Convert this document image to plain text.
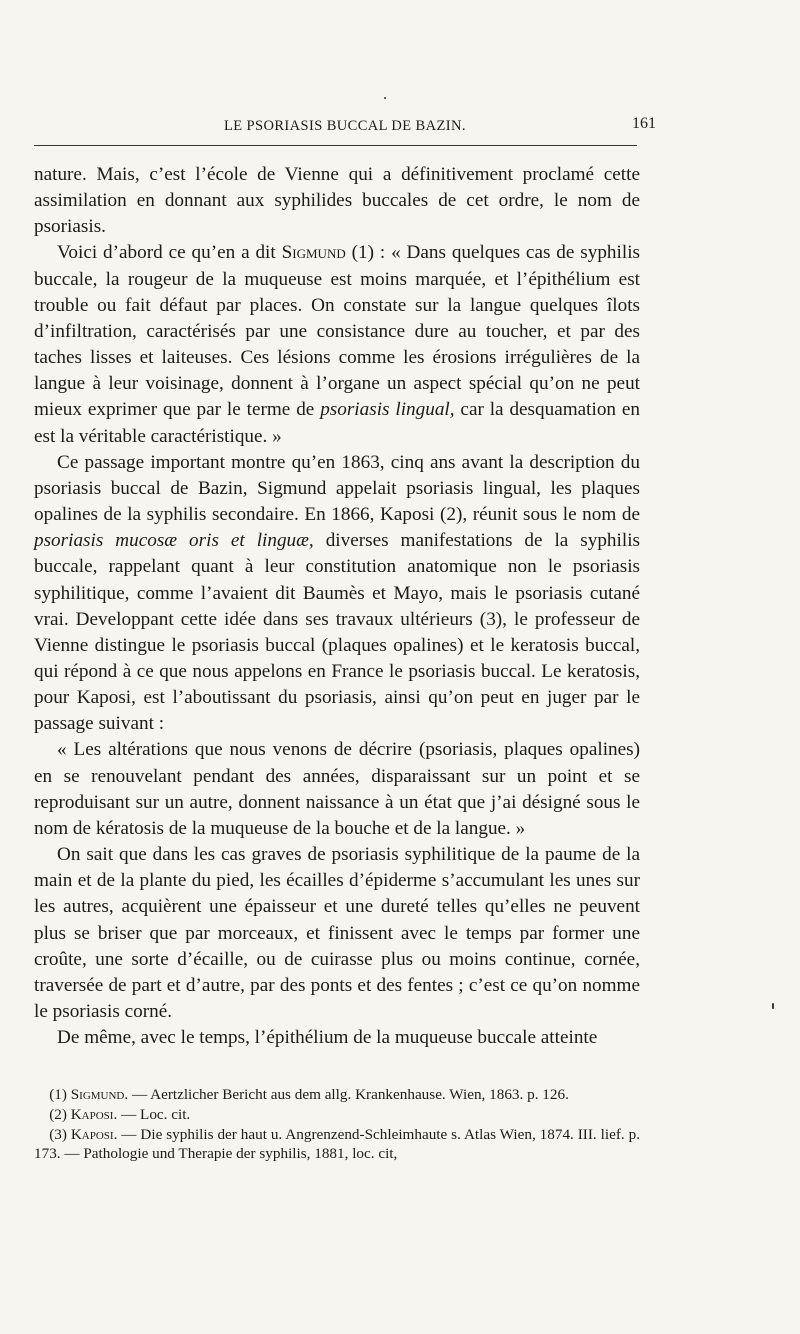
LE PSORIASIS BUCCAL DE BAZIN.	161

nature. Mais, c’est l’école de Vienne qui a définitivement proclamé cette assimilation en donnant aux syphilides buccales de cet ordre, le nom de psoriasis.

Voici d’abord ce qu’en a dit Sigmund (1) : « Dans quelques cas de syphilis buccale, la rougeur de la muqueuse est moins marquée, et l’épithélium est trouble ou fait défaut par places. On constate sur la langue quelques îlots d’infiltration, caractérisés par une consistance dure au toucher, et par des taches lisses et laiteuses. Ces lésions comme les érosions irrégulières de la langue à leur voisinage, donnent à l’organe un aspect spécial qu’on ne peut mieux exprimer que par le terme de psoriasis lingual, car la desquamation en est la véritable caractéristique. »

Ce passage important montre qu’en 1863, cinq ans avant la description du psoriasis buccal de Bazin, Sigmund appelait psoriasis lingual, les plaques opalines de la syphilis secondaire. En 1866, Kaposi (2), réunit sous le nom de psoriasis mucosæ oris et linguæ, diverses manifestations de la syphilis buccale, rappelant quant à leur constitution anatomique non le psoriasis syphilitique, comme l’avaient dit Baumès et Mayo, mais le psoriasis cutané vrai. Developpant cette idée dans ses travaux ultérieurs (3), le professeur de Vienne distingue le psoriasis buccal (plaques opalines) et le keratosis buccal, qui répond à ce que nous appelons en France le psoriasis buccal. Le keratosis, pour Kaposi, est l’aboutissant du psoriasis, ainsi qu’on peut en juger par le passage suivant :

« Les altérations que nous venons de décrire (psoriasis, plaques opalines) en se renouvelant pendant des années, disparaissant sur un point et se reproduisant sur un autre, donnent naissance à un état que j’ai désigné sous le nom de kératosis de la muqueuse de la bouche et de la langue. »

On sait que dans les cas graves de psoriasis syphilitique de la paume de la main et de la plante du pied, les écailles d’épiderme s’accumulant les unes sur les autres, acquièrent une épaisseur et une dureté telles qu’elles ne peuvent plus se briser que par morceaux, et finissent avec le temps par former une croûte, une sorte d’écaille, ou de cuirasse plus ou moins continue, cornée, traversée de part et d’autre, par des ponts et des fentes ; c’est ce qu’on nomme le psoriasis corné.

De même, avec le temps, l’épithélium de la muqueuse buccale atteinte

(1) Sigmund. — Aertzlicher Bericht aus dem allg. Krankenhause. Wien, 1863. p. 126.

(2) Kaposi. — Loc. cit.

(3) Kaposi. — Die syphilis der haut u. Angrenzend-Schleimhaute s. Atlas Wien, 1874. III. lief. p. 173. — Pathologie und Therapie der syphilis, 1881, loc. cit,
